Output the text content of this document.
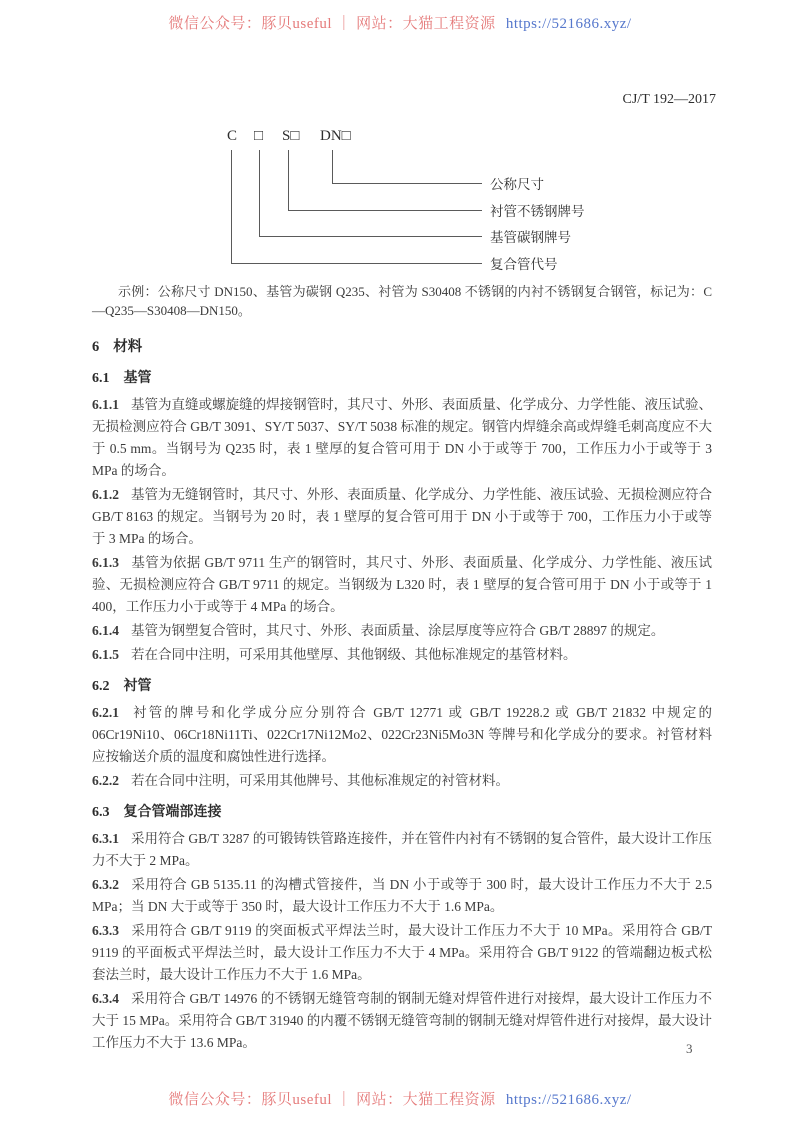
微信公众号：豚贝useful ｜ 网站：大猫工程资源 https://521686.xyz/
CJ/T 192—2017
C □ S□ DN□
公称尺寸
衬管不锈钢牌号
基管碳钢牌号
复合管代号

示例：公称尺寸 DN150、基管为碳钢 Q235、衬管为 S30408 不锈钢的内衬不锈钢复合钢管，标记为：C—Q235—S30408—DN150。

6 材料
6.1 基管

6.1.1 基管为直缝或螺旋缝的焊接钢管时，其尺寸、外形、表面质量、化学成分、力学性能、液压试验、无损检测应符合 GB/T 3091、SY/T 5037、SY/T 5038 标准的规定。钢管内焊缝余高或焊缝毛刺高度应不大于 0.5 mm。当钢号为 Q235 时，表 1 壁厚的复合管可用于 DN 小于或等于 700，工作压力小于或等于 3 MPa 的场合。

6.1.2 基管为无缝钢管时，其尺寸、外形、表面质量、化学成分、力学性能、液压试验、无损检测应符合 GB/T 8163 的规定。当钢号为 20 时，表 1 壁厚的复合管可用于 DN 小于或等于 700，工作压力小于或等于 3 MPa 的场合。

6.1.3 基管为依据 GB/T 9711 生产的钢管时，其尺寸、外形、表面质量、化学成分、力学性能、液压试验、无损检测应符合 GB/T 9711 的规定。当钢级为 L320 时，表 1 壁厚的复合管可用于 DN 小于或等于 1 400，工作压力小于或等于 4 MPa 的场合。

6.1.4 基管为钢塑复合管时，其尺寸、外形、表面质量、涂层厚度等应符合 GB/T 28897 的规定。

6.1.5 若在合同中注明，可采用其他壁厚、其他钢级、其他标准规定的基管材料。

6.2 衬管

6.2.1 衬管的牌号和化学成分应分别符合 GB/T 12771 或 GB/T 19228.2 或 GB/T 21832 中规定的 06Cr19Ni10、06Cr18Ni11Ti、022Cr17Ni12Mo2、022Cr23Ni5Mo3N 等牌号和化学成分的要求。衬管材料应按输送介质的温度和腐蚀性进行选择。

6.2.2 若在合同中注明，可采用其他牌号、其他标准规定的衬管材料。

6.3 复合管端部连接

6.3.1 采用符合 GB/T 3287 的可锻铸铁管路连接件，并在管件内衬有不锈钢的复合管件，最大设计工作压力不大于 2 MPa。

6.3.2 采用符合 GB 5135.11 的沟槽式管接件，当 DN 小于或等于 300 时，最大设计工作压力不大于 2.5 MPa；当 DN 大于或等于 350 时，最大设计工作压力不大于 1.6 MPa。

6.3.3 采用符合 GB/T 9119 的突面板式平焊法兰时，最大设计工作压力不大于 10 MPa。采用符合 GB/T 9119 的平面板式平焊法兰时，最大设计工作压力不大于 4 MPa。采用符合 GB/T 9122 的管端翻边板式松套法兰时，最大设计工作压力不大于 1.6 MPa。

6.3.4 采用符合 GB/T 14976 的不锈钢无缝管弯制的钢制无缝对焊管件进行对接焊，最大设计工作压力不大于 15 MPa。采用符合 GB/T 31940 的内覆不锈钢无缝管弯制的钢制无缝对焊管件进行对接焊，最大设计工作压力不大于 13.6 MPa。	3
微信公众号：豚贝useful ｜ 网站：大猫工程资源 https://521686.xyz/
